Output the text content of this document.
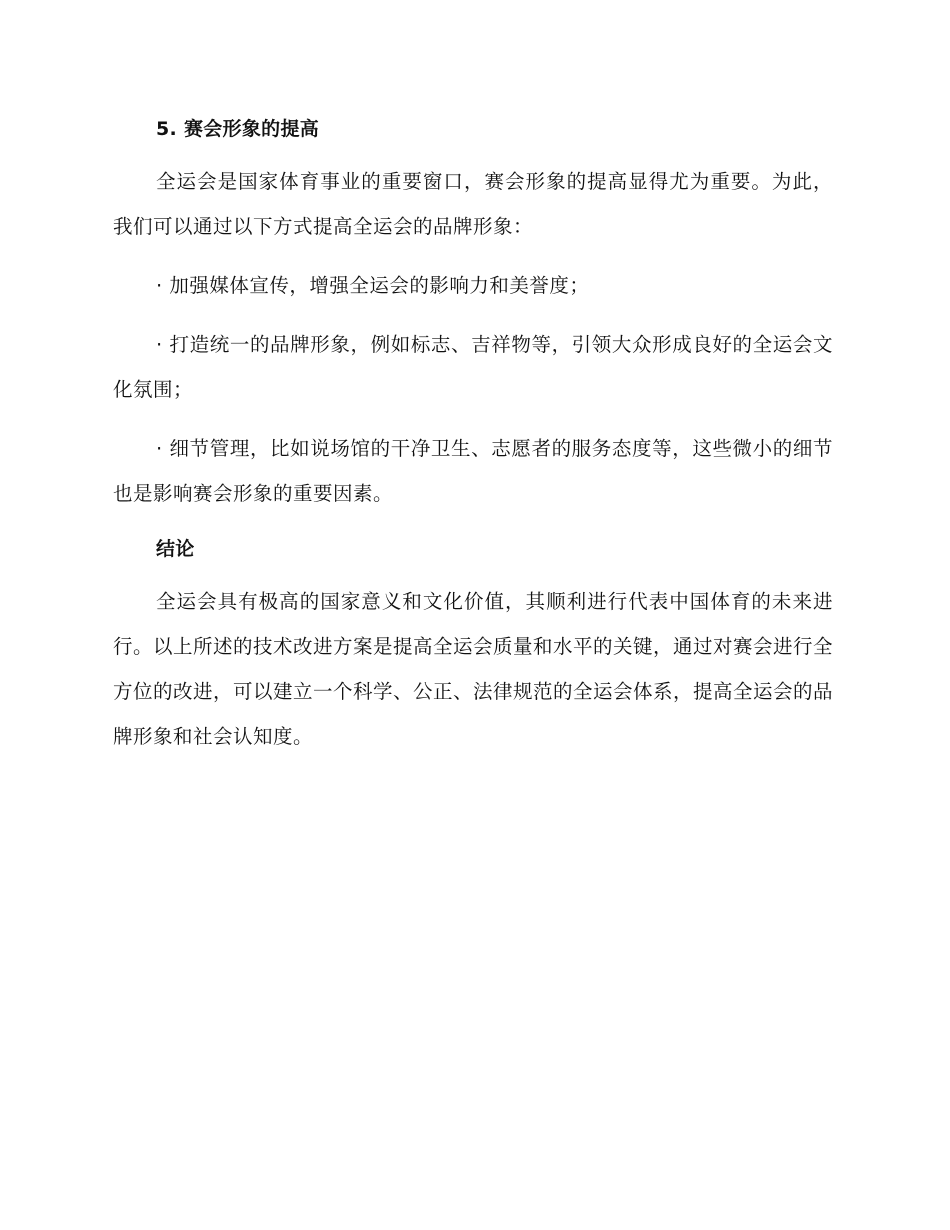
5. 赛会形象的提高

全运会是国家体育事业的重要窗口，赛会形象的提高显得尤为重要。为此，我们可以通过以下方式提高全运会的品牌形象：

· 加强媒体宣传，增强全运会的影响力和美誉度；

· 打造统一的品牌形象，例如标志、吉祥物等，引领大众形成良好的全运会文化氛围；

· 细节管理，比如说场馆的干净卫生、志愿者的服务态度等，这些微小的细节也是影响赛会形象的重要因素。

结论

全运会具有极高的国家意义和文化价值，其顺利进行代表中国体育的未来进行。以上所述的技术改进方案是提高全运会质量和水平的关键，通过对赛会进行全方位的改进，可以建立一个科学、公正、法律规范的全运会体系，提高全运会的品牌形象和社会认知度。
